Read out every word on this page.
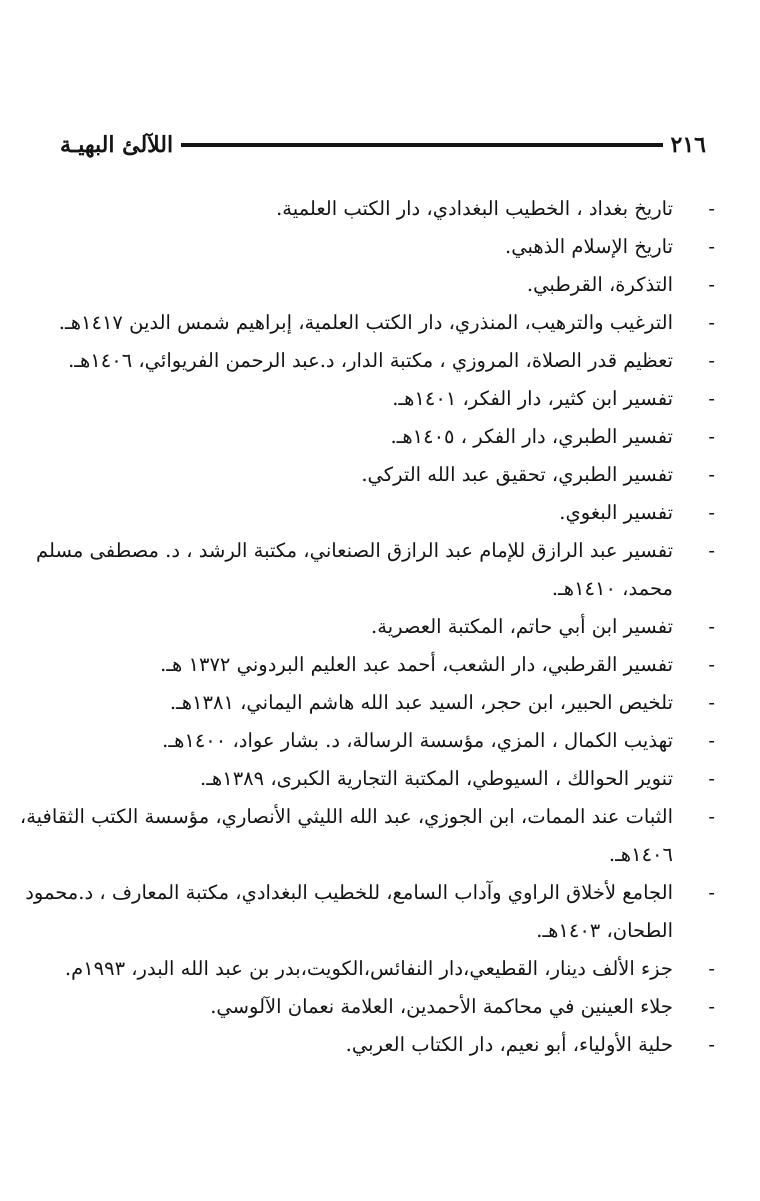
٢١٦
اللآلئ البهيـة
-تاريخ بغداد ، الخطيب البغدادي، دار الكتب العلمية.
-تاريخ الإسلام الذهبي.
-التذكرة، القرطبي.
-الترغيب والترهيب، المنذري، دار الكتب العلمية، إبراهيم شمس الدين ١٤١٧هـ.
-تعظيم قدر الصلاة، المروزي ، مكتبة الدار، د.عبد الرحمن الفريوائي، ١٤٠٦هـ.
-تفسير ابن كثير، دار الفكر، ١٤٠١هـ.
-تفسير الطبري، دار الفكر ، ١٤٠٥هـ.
-تفسير الطبري، تحقيق عبد الله التركي.
-تفسير البغوي.
-تفسير عبد الرازق للإمام عبد الرازق الصنعاني، مكتبة الرشد ، د. مصطفى مسلم
محمد، ١٤١٠هـ.
-تفسير ابن أبي حاتم، المكتبة العصرية.
-تفسير القرطبي، دار الشعب، أحمد عبد العليم البردوني ١٣٧٢ هـ.
-تلخيص الحبير، ابن حجر، السيد عبد الله هاشم اليماني، ١٣٨١هـ.
-تهذيب الكمال ، المزي، مؤسسة الرسالة، د. بشار عواد، ١٤٠٠هـ.
-تنوير الحوالك ، السيوطي، المكتبة التجارية الكبرى، ١٣٨٩هـ.
-الثبات عند الممات، ابن الجوزي، عبد الله الليثي الأنصاري، مؤسسة الكتب الثقافية،
١٤٠٦هـ.
-الجامع لأخلاق الراوي وآداب السامع، للخطيب البغدادي، مكتبة المعارف ، د.محمود
الطحان، ١٤٠٣هـ.
-جزء الألف دينار، القطيعي،دار النفائس،الكويت،بدر بن عبد الله البدر، ١٩٩٣م.
-جلاء العينين في محاكمة الأحمدين، العلامة نعمان الآلوسي.
-حلية الأولياء، أبو نعيم، دار الكتاب العربي.
